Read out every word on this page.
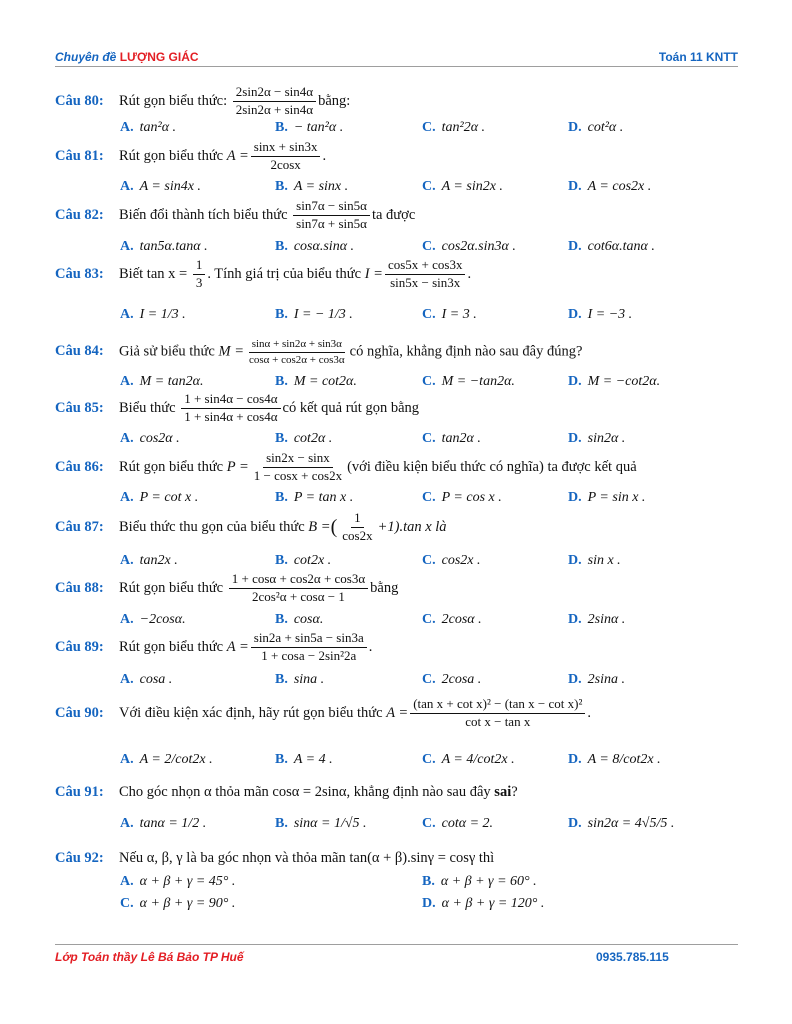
Chuyên đề LƯỢNG GIÁC	Toán 11 KNTT
Câu 80: Rút gọn biểu thức: $\frac{2\sin 2\alpha - \sin 4\alpha}{2\sin 2\alpha + \sin 4\alpha}$ bằng:
A. tan²α .	B. − tan²α .	C. tan²2α .	D. cot²α .
Câu 81: Rút gọn biểu thức $A = \frac{\sin x + \sin 3x}{2\cos x}$ .
A. A = sin4x .	B. A = sinx .	C. A = sin2x .	D. A = cos2x .
Câu 82: Biến đổi thành tích biểu thức $\frac{\sin 7\alpha - \sin 5\alpha}{\sin 7\alpha + \sin 5\alpha}$ ta được
A. tan5α.tanα .	B. cosα.sinα .	C. cos2α.sin3α .	D. cot6α.tanα .
Câu 83: Biết $\tan x = \frac{1}{3}$ . Tính giá trị của biểu thức $I = \frac{\cos 5x + \cos 3x}{\sin 5x - \sin 3x}$ .
A. I = 1/3 .	B. I = − 1/3 .	C. I = 3 .	D. I = −3 .
Câu 84: Giả sử biểu thức $M = \frac{\sin\alpha + \sin 2\alpha + \sin 3\alpha}{\cos\alpha + \cos 2\alpha + \cos 3\alpha}$ có nghĩa, khẳng định nào sau đây đúng?
A. M = tan2α.	B. M = cot2α.	C. M = −tan2α.	D. M = −cot2α.
Câu 85: Biểu thức $\frac{1 + \sin 4\alpha - \cos 4\alpha}{1 + \sin 4\alpha + \cos 4\alpha}$ có kết quả rút gọn bằng
A. cos2α .	B. cot2α .	C. tan2α .	D. sin2α .
Câu 86: Rút gọn biểu thức $P = \frac{\sin 2x - \sin x}{1 - \cos x + \cos 2x}$ (với điều kiện biểu thức có nghĩa) ta được kết quả
A. P = cot x .	B. P = tan x .	C. P = cos x .	D. P = sin x .
Câu 87: Biểu thức thu gọn của biểu thức B =( $\frac{1}{\cos 2x} +1).\tan$ x là
A. tan2x .	B. cot2x .	C. cos2x .	D. sin x .
Câu 88: Rút gọn biểu thức $\frac{1 + \cos\alpha + \cos 2\alpha + \cos 3\alpha}{\text{2cos²α + cosα − 1}}$ bằng
A. −2cosα.	B. cosα.	C. 2cosα .	D. 2sinα .
Câu 89: Rút gọn biểu thức $A = \frac{\sin 2a + \sin 5a - \sin 3a}{\text{1 + cosa − 2sin²2a}}$ .
A. cosa .	B. sina .	C. 2cosa .	D. 2sina .
Câu 90: Với điều kiện xác định, hãy rút gọn biểu thức $A = \frac{\text{(tan x + cot x)² − (tan x − cot x)²}}{\text{cot x − tan x}}$ .
A. A = 2/cot2x .	B. A = 4 .	C. A = 4/cot2x .	D. A = 8/cot2x .
Câu 91: Cho góc nhọn α thỏa mãn cosα = 2sinα, khẳng định nào sau đây sai?
A. tanα = 1/2 .	B. sinα = 1/√5 .	C. cotα = 2.	D. sin2α = 4√5/5 .
Câu 92: Nếu α, β, γ là ba góc nhọn và thỏa mãn tan(α + β).sinγ = cosγ thì
A. α + β + γ = 45° .	B. α + β + γ = 60° .
C. α + β + γ = 90° .	D. α + β + γ = 120° .
Lớp Toán thầy Lê Bá Bảo TP Huế	0935.785.115
